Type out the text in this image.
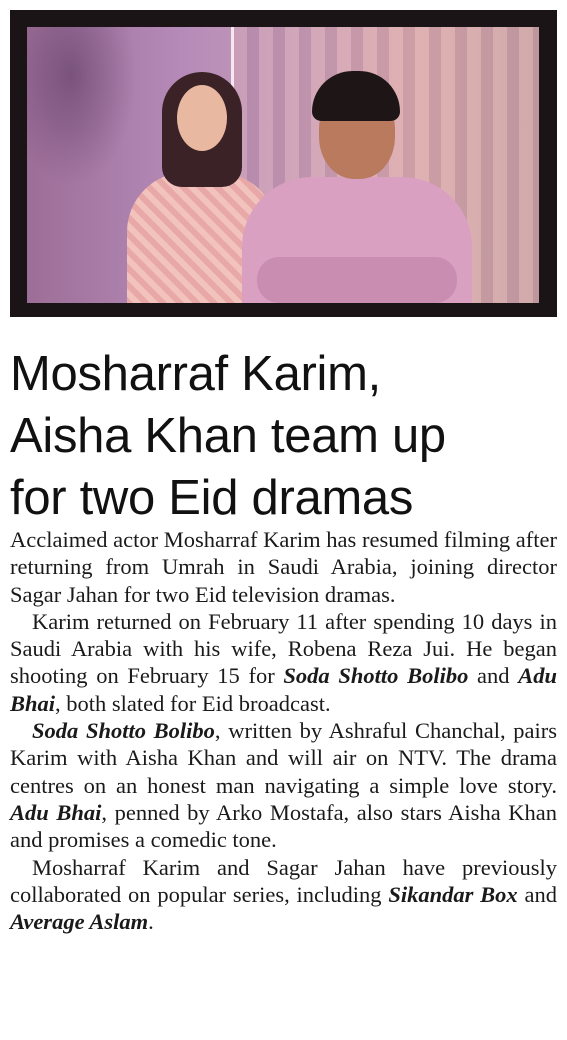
Mosharraf Karim,
Aisha Khan team up
for two Eid dramas

Acclaimed actor Mosharraf Karim has resumed filming after returning from Umrah in Saudi Arabia, joining director Sagar Jahan for two Eid television dramas.

Karim returned on February 11 after spending 10 days in Saudi Arabia with his wife, Robena Reza Jui. He began shooting on February 15 for Soda Shotto Bolibo and Adu Bhai, both slated for Eid broadcast.

Soda Shotto Bolibo, written by Ashraful Chanchal, pairs Karim with Aisha Khan and will air on NTV. The drama centres on an honest man navigating a simple love story. Adu Bhai, penned by Arko Mostafa, also stars Aisha Khan and promises a comedic tone.

Mosharraf Karim and Sagar Jahan have previously collaborated on popular series, including Sikandar Box and Average Aslam.
